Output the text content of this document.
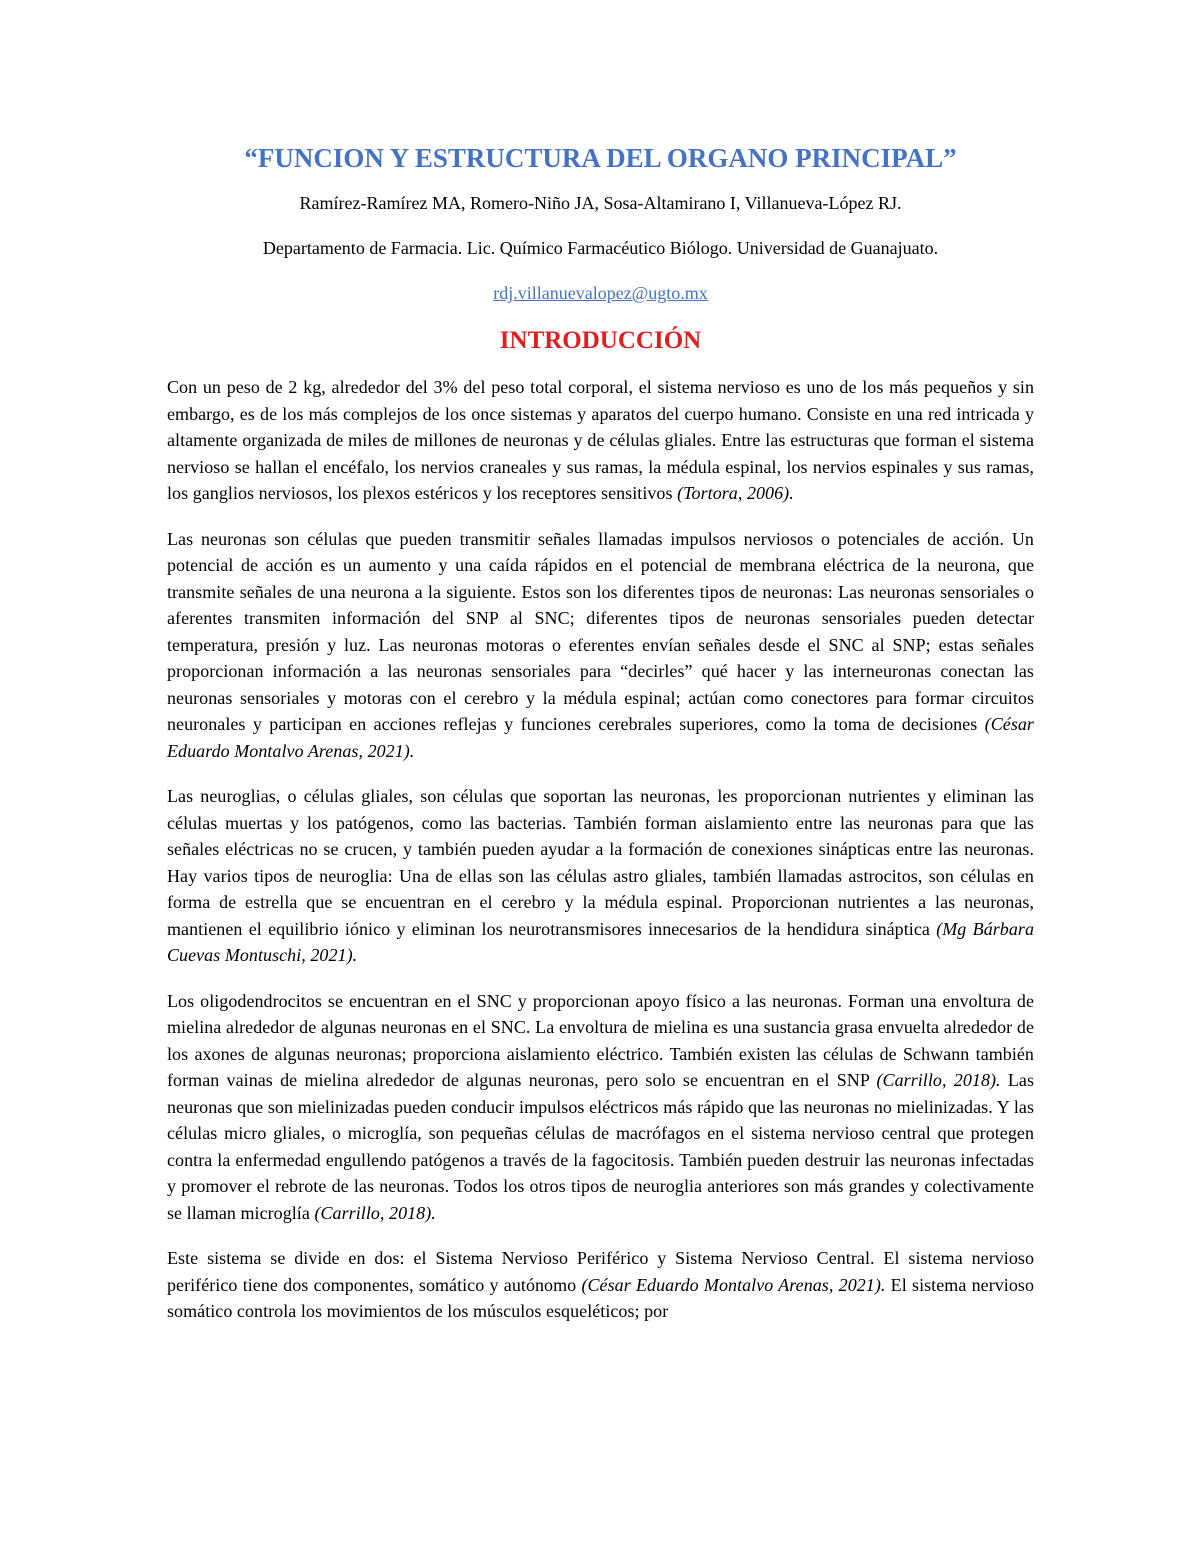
“FUNCION Y ESTRUCTURA DEL ORGANO PRINCIPAL”

Ramírez-Ramírez MA, Romero-Niño JA, Sosa-Altamirano I, Villanueva-López RJ.

Departamento de Farmacia. Lic. Químico Farmacéutico Biólogo. Universidad de Guanajuato.

rdj.villanuevalopez@ugto.mx

INTRODUCCIÓN

Con un peso de 2 kg, alrededor del 3% del peso total corporal, el sistema nervioso es uno de los más pequeños y sin embargo, es de los más complejos de los once sistemas y aparatos del cuerpo humano. Consiste en una red intricada y altamente organizada de miles de millones de neuronas y de células gliales. Entre las estructuras que forman el sistema nervioso se hallan el encéfalo, los nervios craneales y sus ramas, la médula espinal, los nervios espinales y sus ramas, los ganglios nerviosos, los plexos estéricos y los receptores sensitivos (Tortora, 2006).

Las neuronas son células que pueden transmitir señales llamadas impulsos nerviosos o potenciales de acción. Un potencial de acción es un aumento y una caída rápidos en el potencial de membrana eléctrica de la neurona, que transmite señales de una neurona a la siguiente. Estos son los diferentes tipos de neuronas: Las neuronas sensoriales o aferentes transmiten información del SNP al SNC; diferentes tipos de neuronas sensoriales pueden detectar temperatura, presión y luz. Las neuronas motoras o eferentes envían señales desde el SNC al SNP; estas señales proporcionan información a las neuronas sensoriales para “decirles” qué hacer y las interneuronas conectan las neuronas sensoriales y motoras con el cerebro y la médula espinal; actúan como conectores para formar circuitos neuronales y participan en acciones reflejas y funciones cerebrales superiores, como la toma de decisiones (César Eduardo Montalvo Arenas, 2021).

Las neuroglias, o células gliales, son células que soportan las neuronas, les proporcionan nutrientes y eliminan las células muertas y los patógenos, como las bacterias. También forman aislamiento entre las neuronas para que las señales eléctricas no se crucen, y también pueden ayudar a la formación de conexiones sinápticas entre las neuronas. Hay varios tipos de neuroglia: Una de ellas son las células astro gliales, también llamadas astrocitos, son células en forma de estrella que se encuentran en el cerebro y la médula espinal. Proporcionan nutrientes a las neuronas, mantienen el equilibrio iónico y eliminan los neurotransmisores innecesarios de la hendidura sináptica (Mg Bárbara Cuevas Montuschi, 2021).

Los oligodendrocitos se encuentran en el SNC y proporcionan apoyo físico a las neuronas. Forman una envoltura de mielina alrededor de algunas neuronas en el SNC. La envoltura de mielina es una sustancia grasa envuelta alrededor de los axones de algunas neuronas; proporciona aislamiento eléctrico. También existen las células de Schwann también forman vainas de mielina alrededor de algunas neuronas, pero solo se encuentran en el SNP (Carrillo, 2018). Las neuronas que son mielinizadas pueden conducir impulsos eléctricos más rápido que las neuronas no mielinizadas. Y las células micro gliales, o microglía, son pequeñas células de macrófagos en el sistema nervioso central que protegen contra la enfermedad engullendo patógenos a través de la fagocitosis. También pueden destruir las neuronas infectadas y promover el rebrote de las neuronas. Todos los otros tipos de neuroglia anteriores son más grandes y colectivamente se llaman microglía (Carrillo, 2018).

Este sistema se divide en dos: el Sistema Nervioso Periférico y Sistema Nervioso Central. El sistema nervioso periférico tiene dos componentes, somático y autónomo (César Eduardo Montalvo Arenas, 2021). El sistema nervioso somático controla los movimientos de los músculos esqueléticos; por
